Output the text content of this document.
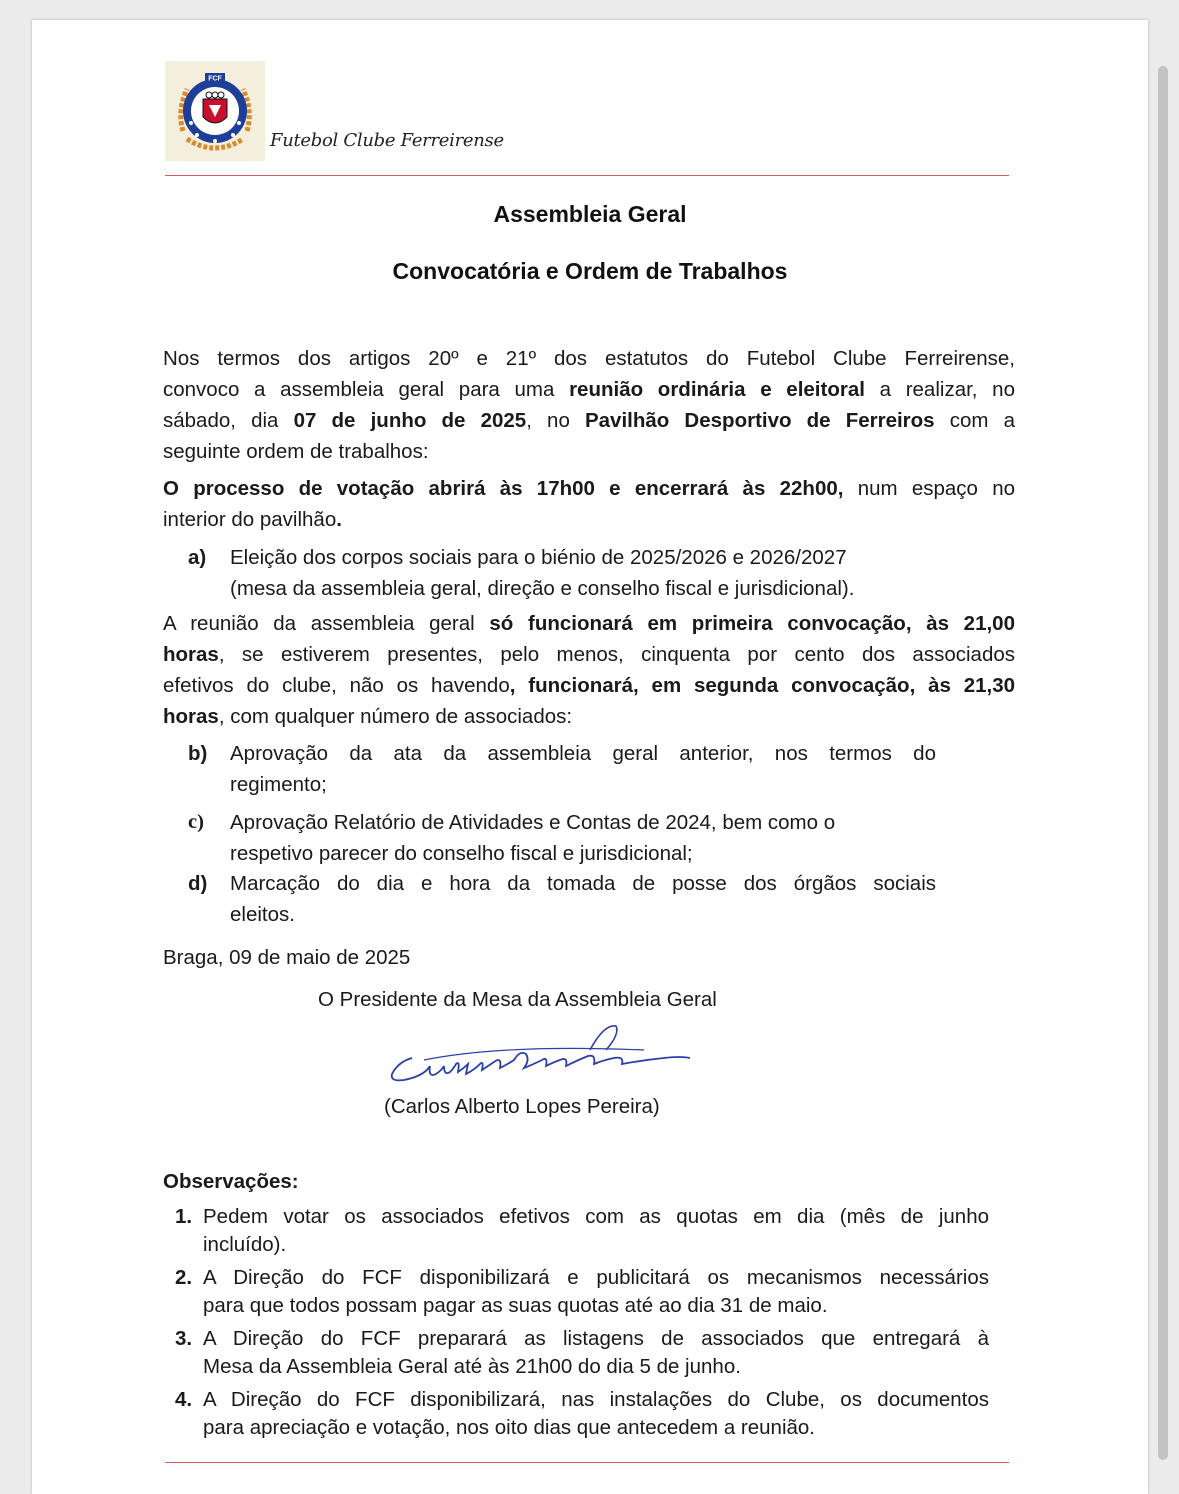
FCF
Futebol Clube Ferreirense
Assembleia Geral
Convocatória e Ordem de Trabalhos
Nos termos dos artigos 20º e 21º dos estatutos do Futebol Clube Ferreirense,
convoco a assembleia geral para uma reunião ordinária e eleitoral a realizar, no
sábado, dia 07 de junho de 2025, no Pavilhão Desportivo de Ferreiros com a
seguinte ordem de trabalhos:
O processo de votação abrirá às 17h00 e encerrará às 22h00, num espaço no
interior do pavilhão.
a) Eleição dos corpos sociais para o biénio de 2025/2026 e 2026/2027
(mesa da assembleia geral, direção e conselho fiscal e jurisdicional).
A reunião da assembleia geral só funcionará em primeira convocação, às 21,00
horas, se estiverem presentes, pelo menos, cinquenta por cento dos associados
efetivos do clube, não os havendo, funcionará, em segunda convocação, às 21,30
horas, com qualquer número de associados:
b) Aprovação da ata da assembleia geral anterior, nos termos do
regimento;
c) Aprovação Relatório de Atividades e Contas de 2024, bem como o
respetivo parecer do conselho fiscal e jurisdicional;
d) Marcação do dia e hora da tomada de posse dos órgãos sociais
eleitos.
Braga, 09 de maio de 2025
O Presidente da Mesa da Assembleia Geral
(Carlos Alberto Lopes Pereira)
Observações:
1. Pedem votar os associados efetivos com as quotas em dia (mês de junho
incluído).
2. A Direção do FCF disponibilizará e publicitará os mecanismos necessários
para que todos possam pagar as suas quotas até ao dia 31 de maio.
3. A Direção do FCF preparará as listagens de associados que entregará à
Mesa da Assembleia Geral até às 21h00 do dia 5 de junho.
4. A Direção do FCF disponibilizará, nas instalações do Clube, os documentos
para apreciação e votação, nos oito dias que antecedem a reunião.
